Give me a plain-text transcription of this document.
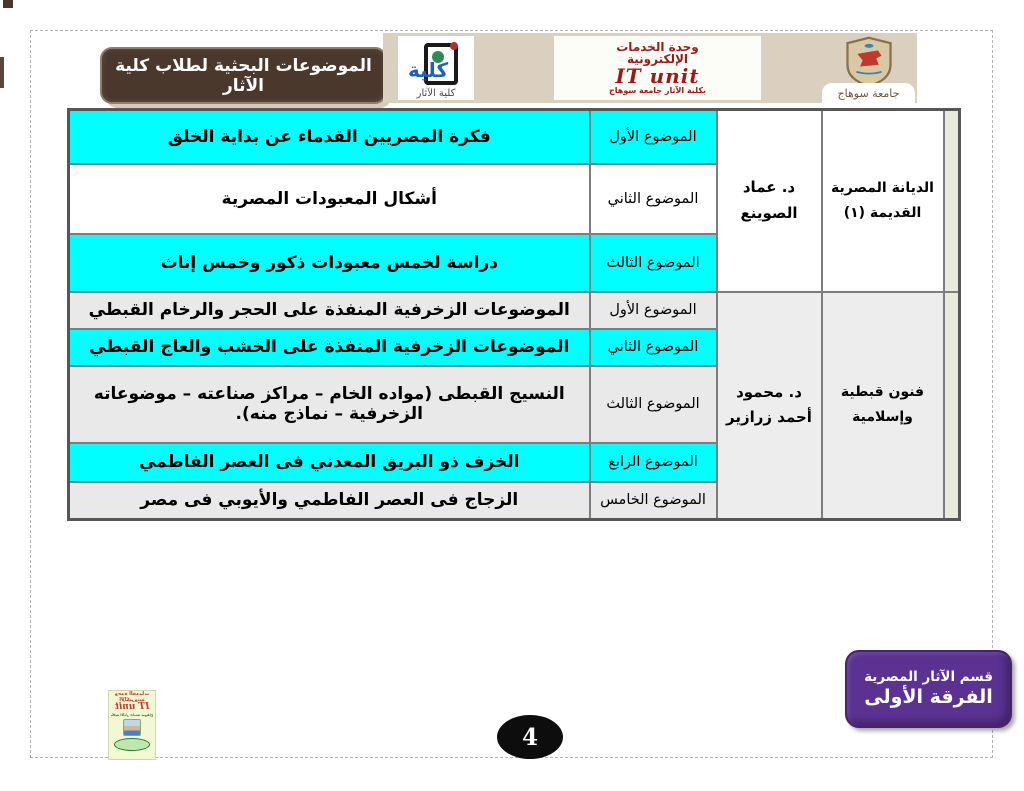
الموضوعات البحثية لطلاب كلية الآثار
كلية
كلية الآثار
وحدة الخدمات
الإلكترونية
IT unit
بكلية الآثار جامعة سوهاج	جامعة سوهاج
	الديانة المصرية القديمة (١)	د. عماد الصوينع	الموضوع الأول	فكرة المصريين القدماء عن بداية الخلق
			الموضوع الثاني	أشكال المعبودات المصرية
			الموضوع الثالث	دراسة لخمس معبودات ذكور وخمس إناث
	فنون قبطية وإسلامية	د. محمود أحمد زرازير	الموضوع الأول	الموضوعات الزخرفية المنفذة على الحجر والرخام القبطي
			الموضوع الثاني	الموضوعات الزخرفية المنفذة على الخشب والعاج القبطي
			الموضوع الثالث	النسيج القبطى (مواده الخام – مراكز صناعته – موضوعاته الزخرفية – نماذج منه).
			الموضوع الرابع	الخزف ذو البريق المعدني فى العصر الفاطمي
			الموضوع الخامس	الزجاج فى العصر الفاطمي والأيوبي فى مصر
قسم الآثار المصرية
الفرقة الأولى
وحدة الخدمات
الإلكترونية
IT unit
بكلية الآثار جامعة سوهاج
4
